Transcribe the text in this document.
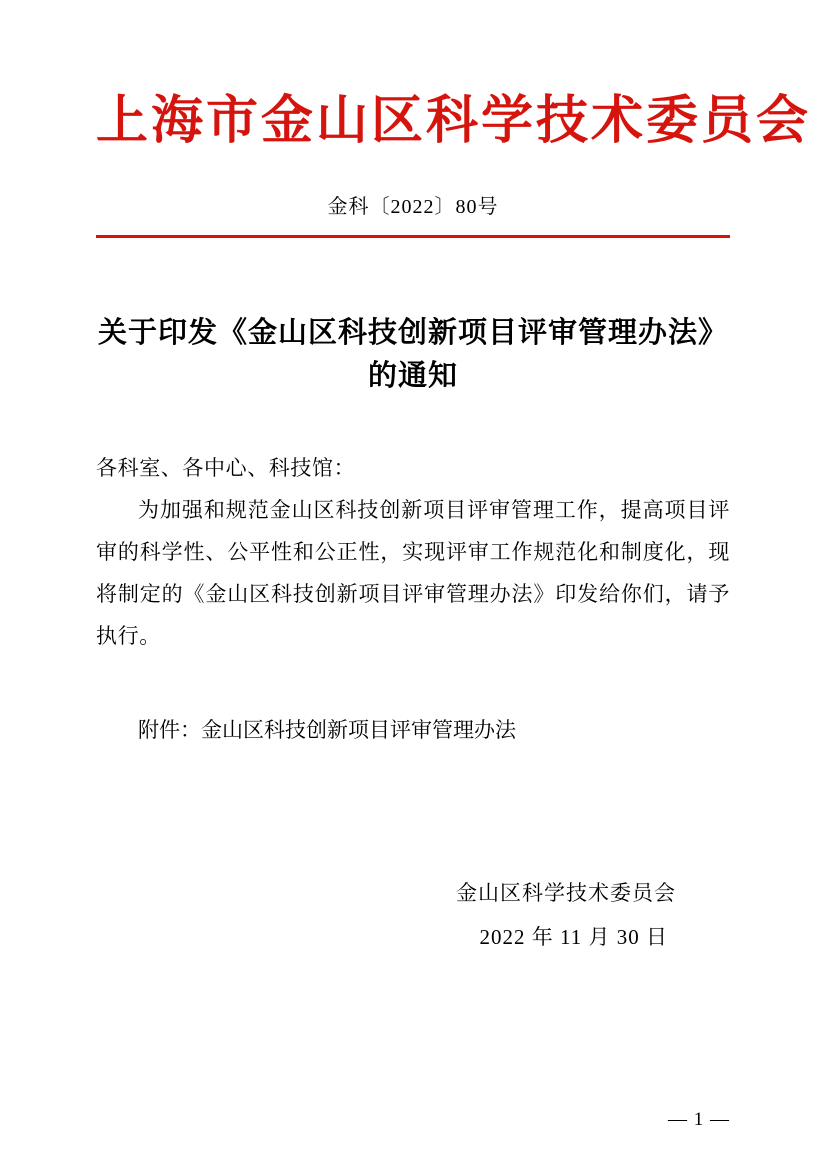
上海市金山区科学技术委员会
金科〔2022〕80号
关于印发《金山区科技创新项目评审管理办法》
的通知

各科室、各中心、科技馆：

为加强和规范金山区科技创新项目评审管理工作，提高项目评审的科学性、公平性和公正性，实现评审工作规范化和制度化，现将制定的《金山区科技创新项目评审管理办法》印发给你们，请予执行。

附件：金山区科技创新项目评审管理办法
金山区科学技术委员会
2022 年 11 月 30 日
— 1 —
